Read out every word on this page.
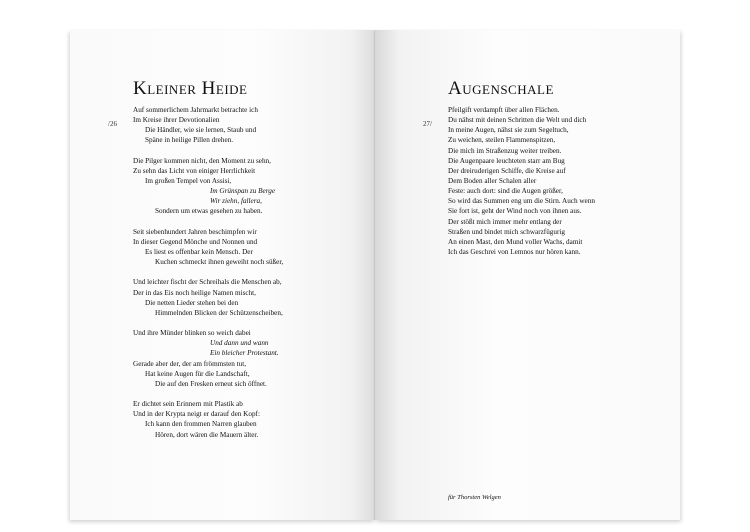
Kleiner Heide
/26
Auf sommerlichem Jahrmarkt betrachte ich
Im Kreise ihrer Devotionalien
Die Händler, wie sie lernen, Staub und
Späne in heilige Pillen drehen.
Die Pilger kommen nicht, den Moment zu sehn,
Zu sehn das Licht von einiger Herrlichkeit
Im großen Tempel von Assisi,
Im Grünspan zu Berge
Wir ziehn, fallera,
Sondern um etwas gesehen zu haben.
Seit siebenhundert Jahren beschimpfen wir
In dieser Gegend Mönche und Nonnen und
Es liest es offenbar kein Mensch. Der
Kuchen schmeckt ihnen geweiht noch süßer,
Und leichter fischt der Schreihals die Menschen ab,
Der in das Eis noch heilige Namen mischt,
Die netten Lieder stehen bei den
Himmelnden Blicken der Schützenscheiben,
Und ihre Münder blinken so weich dabei
Und dann und wann
Ein bleicher Protestant.
Gerade aber der, der am frömmsten tut,
Hat keine Augen für die Landschaft,
Die auf den Fresken erneut sich öffnet.
Er dichtet sein Erinnern mit Plastik ab
Und in der Krypta neigt er darauf den Kopf:
Ich kann den frommen Narren glauben
Hören, dort wären die Mauern älter.
Augenschale
27/
Pfeilgift verdampft über allen Flächen.
Du nähst mit deinen Schritten die Welt und dich
In meine Augen, nähst sie zum Segeltuch,
Zu weichen, steilen Flammenspitzen,
Die mich im Straßenzug weiter treiben.
Die Augenpaare leuchteten starr am Bug
Der dreiruderigen Schiffe, die Kreise auf
Dem Boden aller Schalen aller
Feste: auch dort: sind die Augen größer,
So wird das Summen eng um die Stirn. Auch wenn
Sie fort ist, geht der Wind noch von ihnen aus.
Der stößt mich immer mehr entlang der
Straßen und bindet mich schwarzfügurig
An einen Mast, den Mund voller Wachs, damit
Ich das Geschrei von Lemnos nur hören kann.
für Thorsten Welgen
